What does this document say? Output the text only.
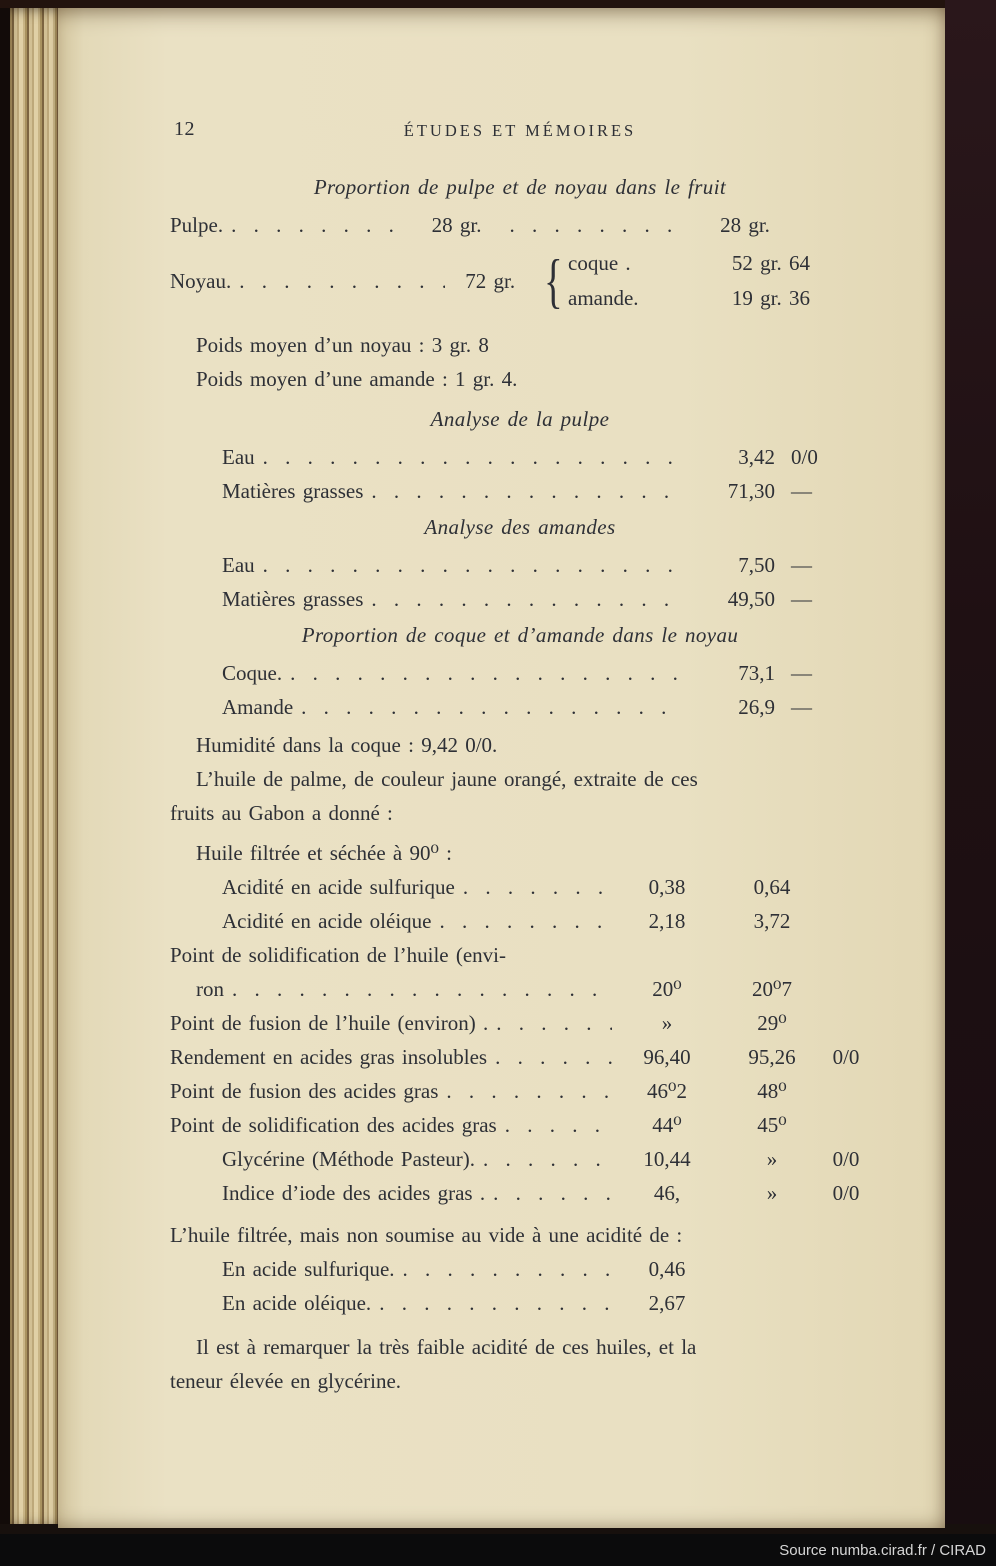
12	ÉTUDES ET MÉMOIRES
Proportion de pulpe et de noyau dans le fruit
Pulpe. . . .	28 gr. . . .	28 gr.
Noyau. . . .	72 gr. { coque .	52 gr. 64
amande.	19 gr. 36
Poids moyen d’un noyau : 3 gr. 8
Poids moyen d’une amande : 1 gr. 4.
Analyse de la pulpe
Eau . . .	3,42 0/0
Matières grasses . . .	71,30 —
Analyse des amandes
Eau . . .	7,50 —
Matières grasses . . .	49,50 —
Proportion de coque et d’amande dans le noyau
Coque. . . .	73,1 —
Amande . . .	26,9 —
Humidité dans la coque : 9,42 0/0.
L’huile de palme, de couleur jaune orangé, extraite de ces
fruits au Gabon a donné :
Huile filtrée et séchée à 90⁰ :
Acidité en acide sulfurique . . .	0,38	0,64
Acidité en acide oléique . . .	2,18	3,72
Point de solidification de l’huile (envi-
ron . . .	20⁰	20⁰7
Point de fusion de l’huile (environ) . . . .	»	29⁰
Rendement en acides gras insolubles . . .	96,40	95,26	0/0
Point de fusion des acides gras . . .	46⁰2	48⁰
Point de solidification des acides gras . . .	44⁰	45⁰
Glycérine (Méthode Pasteur). . . .	10,44	»	0/0
Indice d’iode des acides gras . . . .	46,	»	0/0
L’huile filtrée, mais non soumise au vide à une acidité de :
En acide sulfurique. . . .	0,46
En acide oléique. . . .	2,67
Il est à remarquer la très faible acidité de ces huiles, et la
teneur élevée en glycérine.
Source numba.cirad.fr / CIRAD
